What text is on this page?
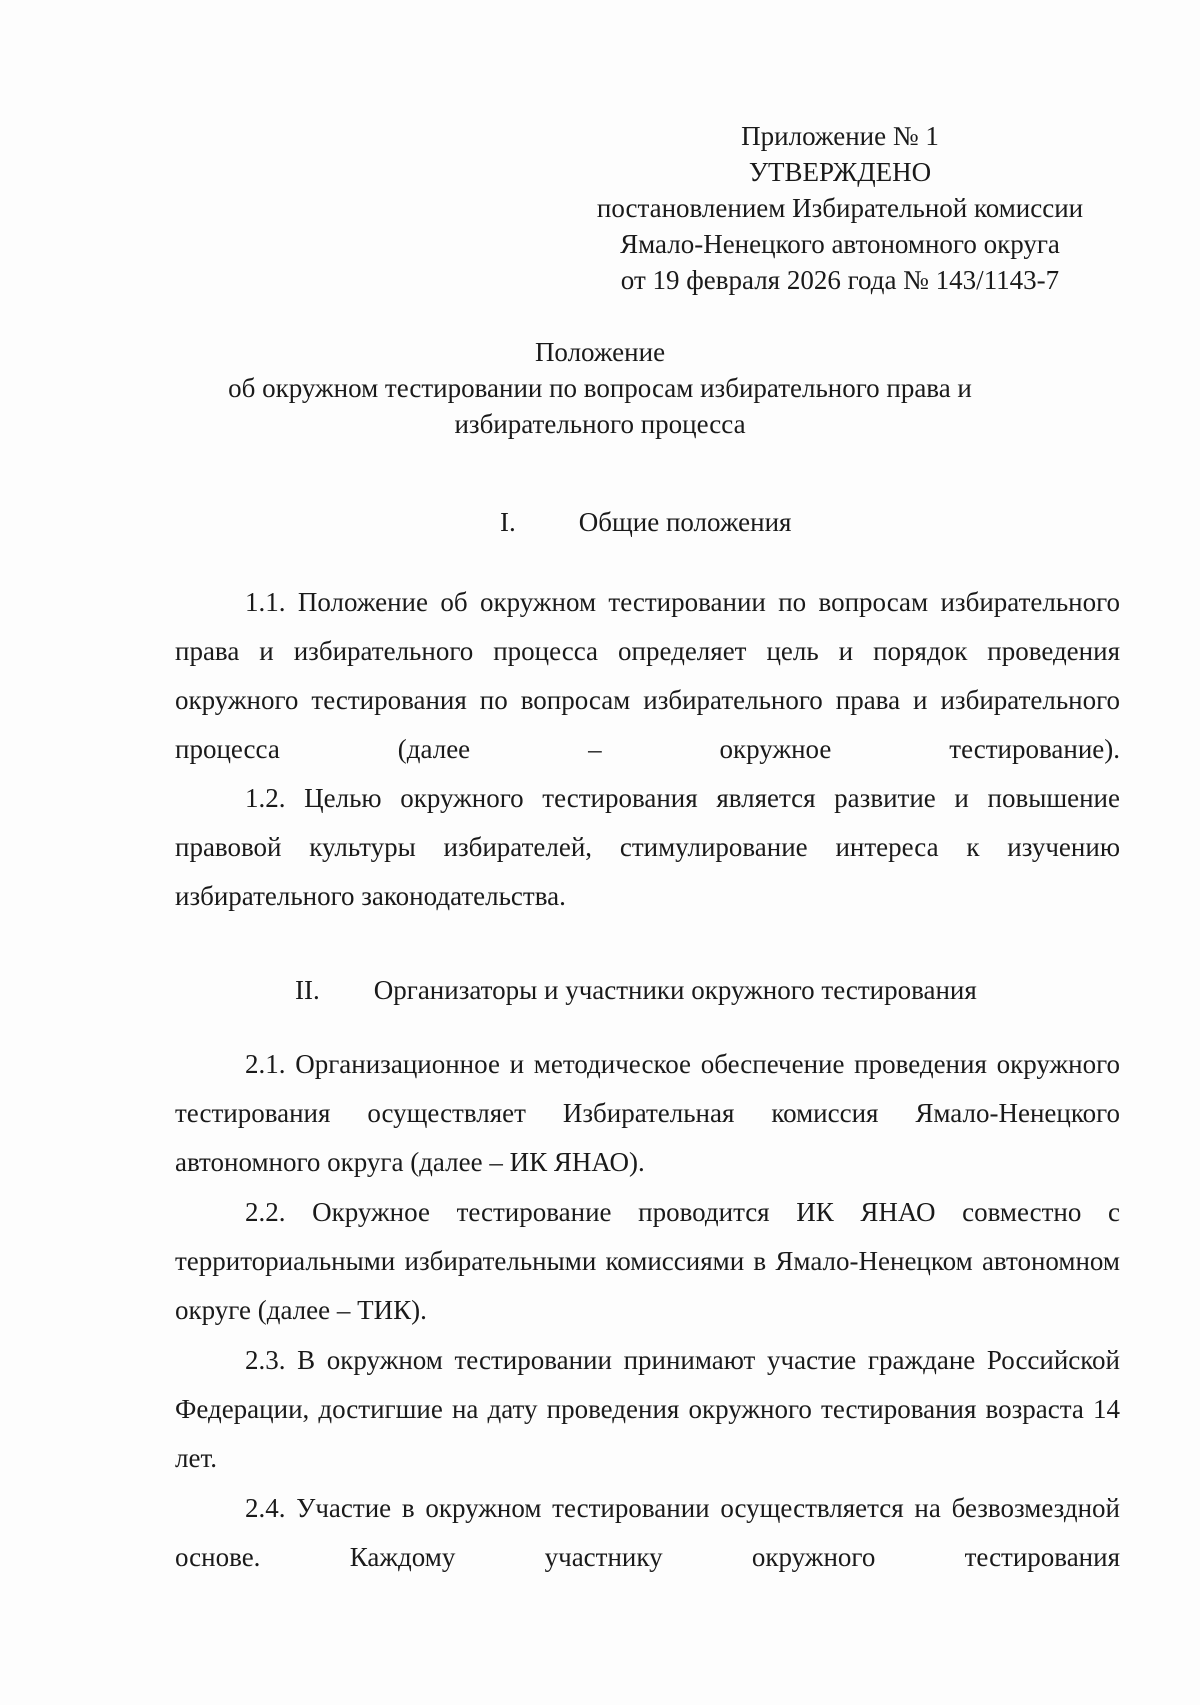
Приложение № 1
УТВЕРЖДЕНО
постановлением Избирательной комиссии
Ямало-Ненецкого автономного округа
от 19 февраля 2026 года № 143/1143-7
Положение
об окружном тестировании по вопросам избирательного права и
избирательного процесса
I. Общие положения
1.1. Положение об окружном тестировании по вопросам избирательного права и избирательного процесса определяет цель и порядок проведения окружного тестирования по вопросам избирательного права и избирательного процесса (далее – окружное тестирование).
1.2. Целью окружного тестирования является развитие и повышение правовой культуры избирателей, стимулирование интереса к изучению избирательного законодательства.
II. Организаторы и участники окружного тестирования
2.1. Организационное и методическое обеспечение проведения окружного тестирования осуществляет Избирательная комиссия Ямало-Ненецкого автономного округа (далее – ИК ЯНАО).
2.2. Окружное тестирование проводится ИК ЯНАО совместно с территориальными избирательными комиссиями в Ямало-Ненецком автономном округе (далее – ТИК).
2.3. В окружном тестировании принимают участие граждане Российской Федерации, достигшие на дату проведения окружного тестирования возраста 14 лет.
2.4. Участие в окружном тестировании осуществляется на безвозмездной основе. Каждому участнику окружного тестирования
